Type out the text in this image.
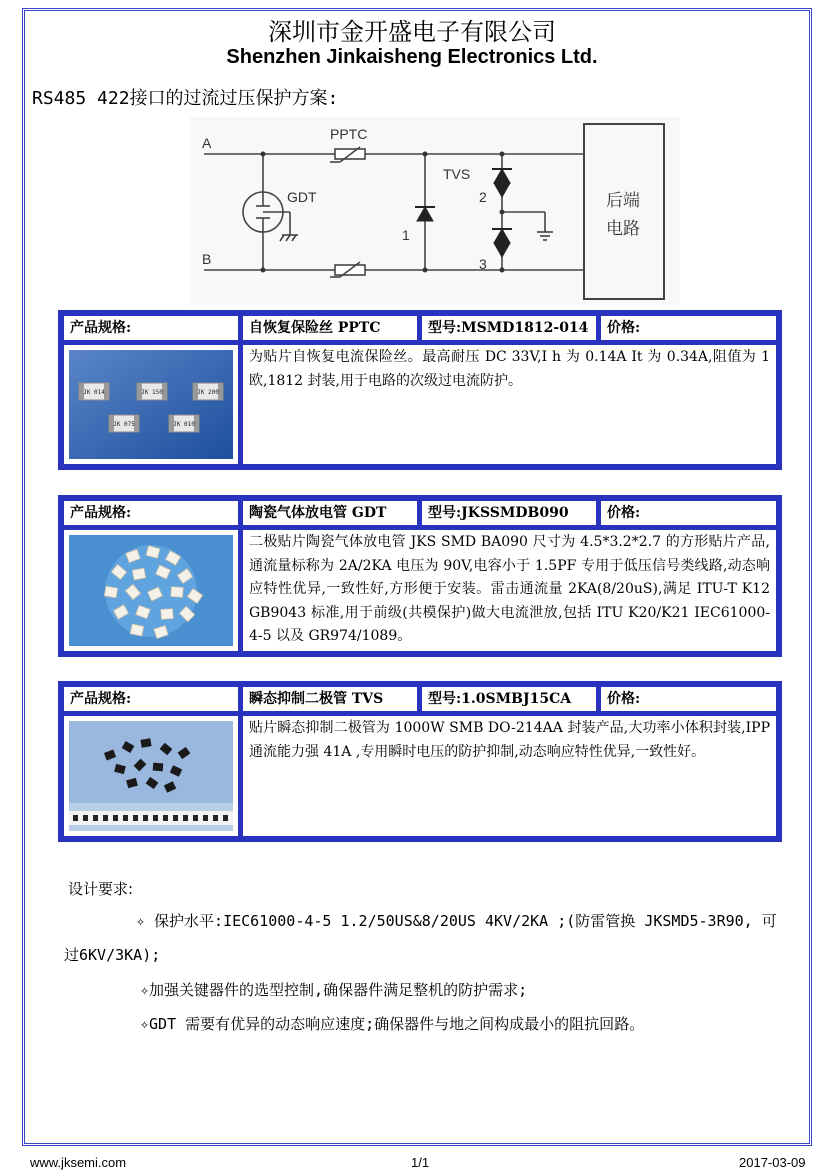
深圳市金开盛电子有限公司
Shenzhen Jinkaisheng Electronics Ltd.
RS485 422接口的过流过压保护方案:
A
B
PPTC
GDT
TVS
1
2
3
后端
电路
产品规格:	自恢复保险丝 PPTC	型号:MSMD1812-014	价格:
JK 014	JK 150	JK 200
JK 075	JK 010
为贴片自恢复电流保险丝。最高耐压 DC 33V,I h 为 0.14A It 为 0.34A,阻值为 1 欧,1812 封装,用于电路的次级过电流防护。
产品规格:	陶瓷气体放电管 GDT	型号:JKSSMDB090	价格:
二极贴片陶瓷气体放电管 JKS SMD BA090 尺寸为 4.5*3.2*2.7 的方形贴片产品,通流量标称为 2A/2KA 电压为 90V,电容小于 1.5PF 专用于低压信号类线路,动态响应特性优异,一致性好,方形便于安装。雷击通流量 2KA(8/20uS),满足 ITU-T K12 GB9043 标准,用于前级(共模保护)做大电流泄放,包括 ITU K20/K21 IEC61000-4-5 以及 GR974/1089。
产品规格:	瞬态抑制二极管 TVS	型号:1.0SMBJ15CA	价格:
贴片瞬态抑制二极管为 1000W SMB DO-214AA 封装产品,大功率小体积封装,IPP 通流能力强 41A ,专用瞬时电压的防护抑制,动态响应特性优异,一致性好。
设计要求:
✧ 保护水平:IEC61000-4-5 1.2/50US&8/20US 4KV/2KA ;(防雷管换 JKSMD5-3R90, 可
过6KV/3KA);
✧加强关键器件的选型控制,确保器件满足整机的防护需求;
✧GDT 需要有优异的动态响应速度;确保器件与地之间构成最小的阻抗回路。
www.jksemi.com	1/1	2017-03-09
